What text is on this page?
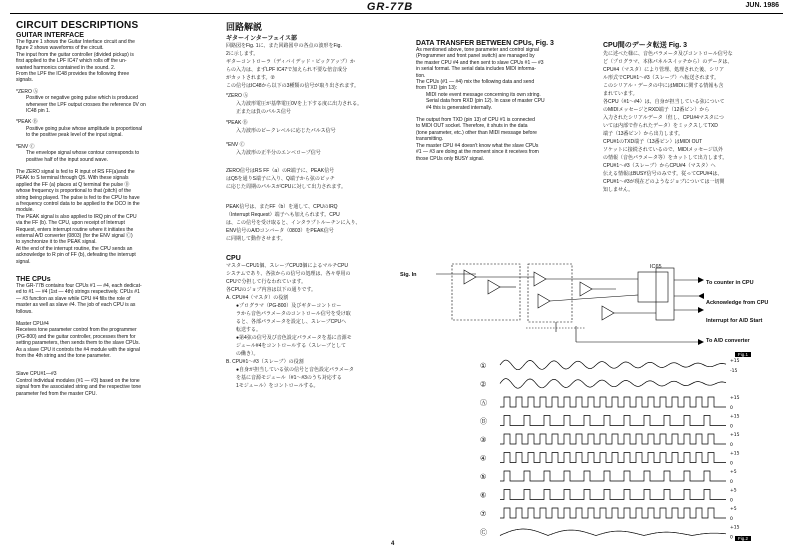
GR-77B	JUN. 1986
CIRCUIT DESCRIPTIONS
GUITAR INTERFACE
The figure 1 shows the Guitar Interface circuit and the
figure 2 shows waveforms of the circuit.
The input from the guitar controller (divided pickup) is
first applied to the LPF IC47 which rolls off the un-
wanted harmonics contained in the sound. 2.
From the LPF the IC48 provides the following three
signals.
*ZERO Ⓐ
Positive or negative going pulse which is produced
whenever the LPF output crosses the reference 0V on
IC48 pin 1.
*PEAK Ⓑ
Positive going pulse whose amplitude is proportional
to the positive peak level of the input signal.
*ENV Ⓒ
The envelope signal whose contour corresponds to
positive half of the input sound wave.
The ZERO signal is fed to R input of RS FF(a)and the
PEAK to S terminal through Q5. With these signals
applied the FF (a) places at Q terminal the pulse Ⓓ
whose frequency is proportional to that (pitch) of the
string being played. The pulse is fed to the CPU to have
a frequency control data to be applied to the DCO in the
module.
The PEAK signal is also applied to IRQ pin of the CPU
via the FF (b). The CPU, upon receipt of Interrupt
Request, enters interrupt routine where it initiates the
external A/D converter (0803) (for the ENV signal Ⓒ)
to synchronize it to the PEAK signal.
At the end of the interrupt routine, the CPU sends an
acknowledge to R pin of FF (b), defeating the interrupt
signal.
THE CPUs
The GR-77B contains four CPUs #1 — #4, each dedicat-
ed to #1 — #4 (1st — 4th) strings respectively. CPUs #1
— #3 function as slave while CPU #4 fills the role of
master as well as slave #4. The job of each CPU is as
follows.
Master CPU#4
Receives tone parameter control from the programmer
(PG-800) and the guitar controller, processes them for
setting parameters, then sends them to the slave CPUs.
As a slave CPU it controls the #4 module with the signal
from the 4th string and the tone parameter.
Slave CPU#1—#3
Control individual modules (#1 — #3) based on the tone
signal from the associated string and the respective tone
parameter fed from the master CPU.
回路解説
ギターインターフェイス部
回路図をFig. 1に、また回路図中の各点の波形をFig.
2に示します。
ギターコントローラ（ディバイデッド・ピックアップ）か
らの入力は、まずLPF IC47で加えられ不要な倍音成分
がカットされます。②
この信号はIC48から以下の3種類の信号が取り出されます。
*ZERO Ⓐ
入力波形電圧が基準電圧0Vを上下する度に出力される。
正または負のパルス信号
*PEAK Ⓑ
入力波形のピークレベルに応じたパルス信号
*ENV Ⓒ
入力波形の正半分のエンベロープ信号
ZERO信号はRS FF（a）のR端子に、PEAK信号
はQ5を通りS端子に入り、Q端子から弦のピッチ
に応じた周期のパルスがCPUに対して出力されます。
PEAK信号は、またFF（b）を通して、CPUのIRQ
（Interrupt Request）端子へも加えられます。CPU
は、この信号を受け取ると、インタラプトルーチンに入り、
ENV信号のA/Dコンバータ（0803）をPEAK信号
に同期して動作させます。
CPU
マスターCPU1個、スレーブCPU3個によるマルチCPU
システムであり、各弦からの信号の処理は、各々専用の
CPUで分担して行なわれています。
各CPUのジョブ内容は以下の通りです。
A. CPU#4（マスタ）の役割
●プログラマ（PG-800）及びギターコントロー
ラから音色パラメータのコントロール信号を受け取
ると、各部パラメータを設定し、スレーブCPUへ
転送する。
●第4弦の信号及び音色設定パラメータを基に音源モ
ジュール#4をコントロールする（スレーブとして
の働き）。
B. CPU#1〜#3（スレーブ）の役割
●自身が担当している弦の信号と音色設定パラメータ
を基に音源モジュール（#1〜#3のうち対応する
1モジュール）をコントロールする。
DATA TRANSFER BETWEEN CPUs, Fig. 3
As mentioned above, tone parameter and control signal
(Programmer and front panel switch) are managed by
the master CPU #4 and then sent to slave CPUs #1 — #3
in serial format. The serial data includes MIDI informa-
tion.
The CPUs (#1 — #4) mix the following data and send
from TXD (pin 13):
MIDI note event message concerning its own string.
Serial data from RXD (pin 12). In case of master CPU
#4 this is generated internally.
The output from TXD (pin 13) of CPU #1 is connected
to MIDI OUT socket. Therefore, it shuts in the data
(tone parameter, etc.) other than MIDI message before
transmitting.
The master CPU #4 doesn't know what the slave CPUs
#1 — #3 are doing at the moment since it receives from
those CPUs only BUSY signal.
CPU間のデータ転送 Fig. 3
先に述べた様に、音色パラメータ及びコントロール信号な
ど（プログラマ、本体パネルスイッチから）のデータは、
CPU#4（マスタ）により管理、処理された後、シリア
ル形式でCPU#1〜#3（スレーブ）へ転送されます。
このシリアル・データの中にはMIDIに関する情報も含
まれています。
各CPU（#1〜#4）は、自身が担当している弦について
のMIDIメッセージとRXD端子（12番ピン）から
入力されたシリアルデータ（但し、CPU#4マスタにつ
いては内部で作られたデータ）をミックスしてTXD
端子（13番ピン）から出力します。
CPU#1のTXD端子（13番ピン）はMIDI OUT
ソケットに接続されているので、MIDIメッセージ以外
の情報（音色パラメータ等）をカットして出力します。
CPU#1〜#3（スレーブ）からCPU#4（マスタ）へ
伝える情報はBUSY信号のみです。従ってCPU#4は、
CPU#1〜#3が現在どのようなジョブについては一切関
知しません。
Sig. In
IC65
To counter in CPU
Acknowledge from CPU
Interrupt for A/D Start
To A/D converter
Fig.1
①
+15
-15
②
Ⓐ
+15
0
Ⓑ
+15
0
③
+15
0
④
+15
0
⑤
+5
0
⑥
+5
0
⑦
+5
0
Ⓒ
+15
0	Fig.2
4
